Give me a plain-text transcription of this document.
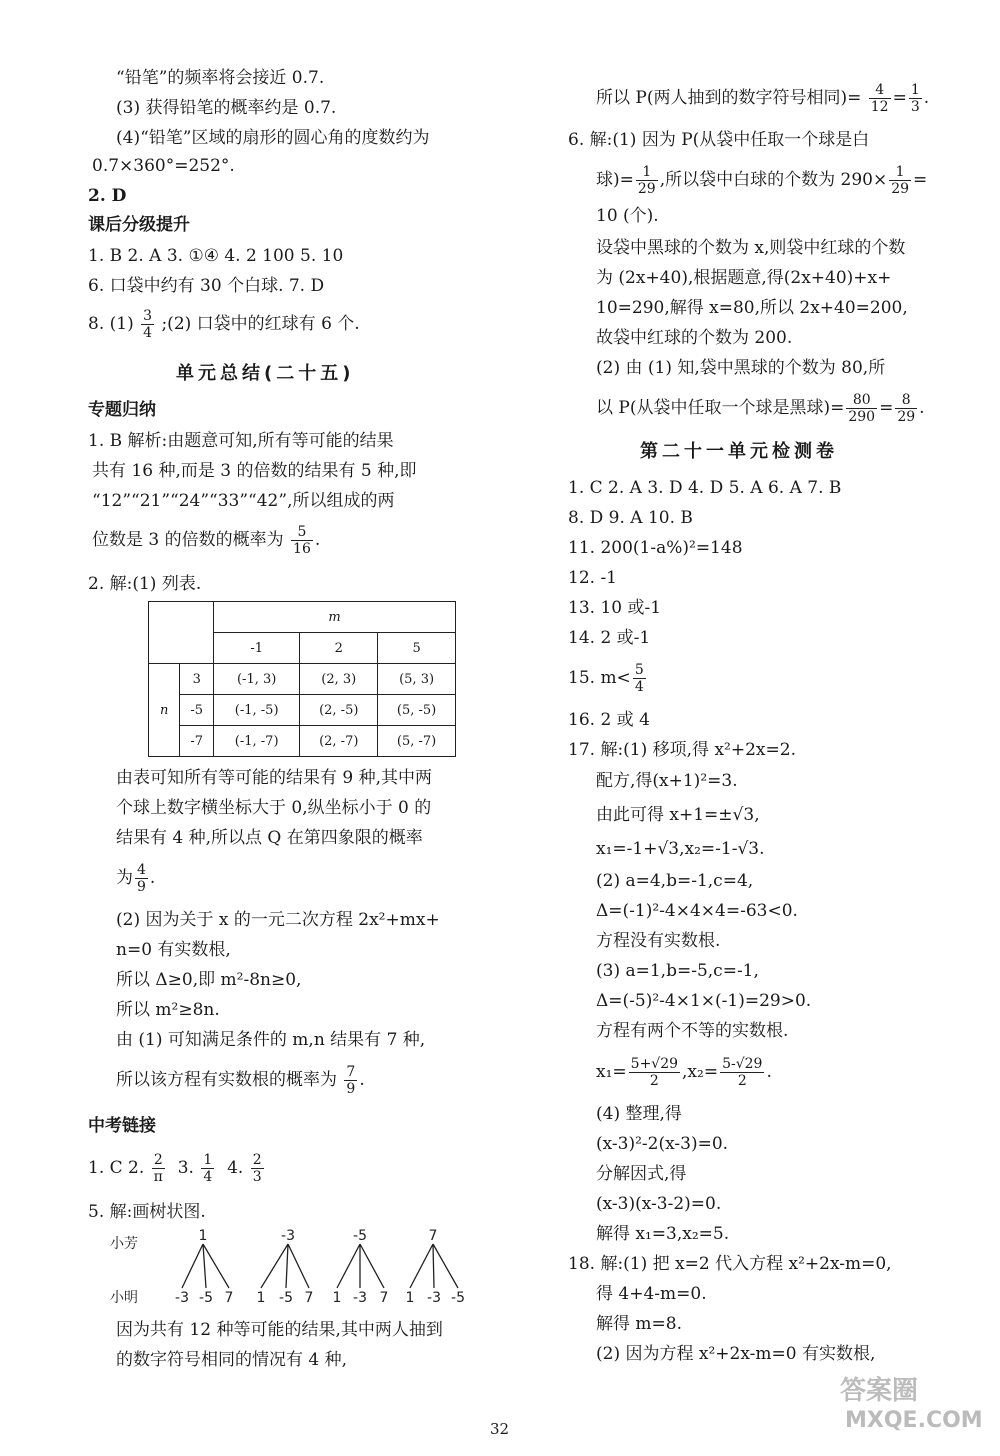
“铅笔”的频率将会接近 0.7.
(3) 获得铅笔的概率约是 0.7.
(4)“铅笔”区域的扇形的圆心角的度数约为
0.7×360°=252°.
2. D
课后分级提升
1. B 2. A 3. ①④ 4. 2 100 5. 10
6. 口袋中约有 30 个白球. 7. D
8. $(1) \frac{3}{4}$ ;(2) 口袋中的红球有 6 个.
单元总结(二十五)
专题归纳
1. B 解析:由题意可知,所有等可能的结果
共有 16 种,而是 3 的倍数的结果有 5 种,即
“12”“21”“24”“33”“42”,所以组成的两
位数是 3 的倍数的概率为 $\frac{5}{16}$ .
2. 解:(1) 列表.
		m		
		-1	2	5
n	3	(-1, 3)	(2, 3)	(5, 3)
	-5	(-1, -5)	(2, -5)	(5, -5)
	-7	(-1, -7)	(2, -7)	(5, -7)
由表可知所有等可能的结果有 9 种,其中两
个球上数字横坐标大于 0,纵坐标小于 0 的
结果有 4 种,所以点 Q 在第四象限的概率
为 $\frac{4}{9}$ .
(2) 因为关于 x 的一元二次方程 2x²+mx+
n=0 有实数根,
所以 Δ≥0,即 m²-8n≥0,
所以 m²≥8n.
由 (1) 可知满足条件的 m,n 结果有 7 种,
所以该方程有实数根的概率为 $\frac{7}{9}$ .
中考链接
1. C 2. $\frac{2}{\pi} 3$. $\frac{1}{4} 4$. $\frac{2}{3}$
5. 解:画树状图.
小芳
小明
1	-3	-5	7
-3 -5 7 1 -5 7 1 -3 7 1 -3 -5
因为共有 12 种等可能的结果,其中两人抽到
的数字符号相同的情况有 4 种,
所以 P(两人抽到的数字符号相同)= $\frac{4}{12} = \frac{1}{3}$ .
6. 解:(1) 因为 P(从袋中任取一个球是白
球)= $\frac{1}{29}$ ,所以袋中白球的个数为 $290\times \frac{1}{29}$ =
10 (个).
设袋中黑球的个数为 x,则袋中红球的个数
为 (2x+40),根据题意,得(2x+40)+x+
10=290,解得 x=80,所以 2x+40=200,
故袋中红球的个数为 200.
(2) 由 (1) 知,袋中黑球的个数为 80,所
以 P(从袋中任取一个球是黑球)= $\frac{80}{290} = \frac{8}{29}$ .
第二十一单元检测卷
1. C 2. A 3. D 4. D 5. A 6. A 7. B
8. D 9. A 10. B
11. 200(1-a%)²=148
12. -1
13. 10 或-1
14. 2 或-1
15. $m< \frac{5}{4}$
16. 2 或 4
17. 解:(1) 移项,得 x²+2x=2.
配方,得(x+1)²=3.
由此可得 x+1=±√3,
x₁=-1+√3,x₂=-1-√3.
(2) a=4,b=-1,c=4,
Δ=(-1)²-4×4×4=-63<0.
方程没有实数根.
(3) a=1,b=-5,c=-1,
Δ=(-5)²-4×1×(-1)=29>0.
方程有两个不等的实数根.
$x_1= \frac{5+√29}{2} ,x_2= \frac{5-√29}{2}$ .
(4) 整理,得
(x-3)²-2(x-3)=0.
分解因式,得
(x-3)(x-3-2)=0.
解得 x₁=3,x₂=5.
18. 解:(1) 把 x=2 代入方程 x²+2x-m=0,
得 4+4-m=0.
解得 m=8.
(2) 因为方程 x²+2x-m=0 有实数根,
32
答案圈
MXQE.COM
